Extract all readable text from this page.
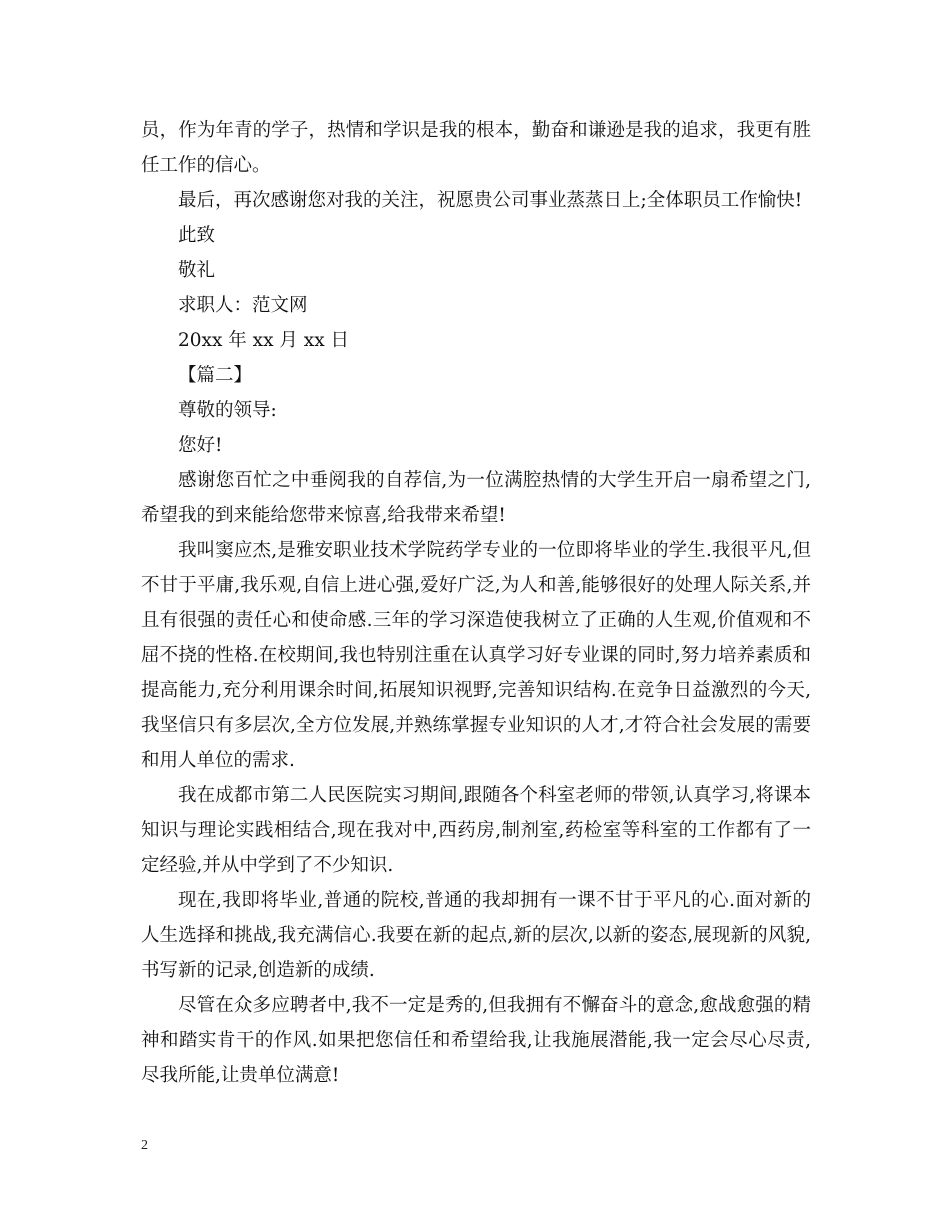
员，作为年青的学子，热情和学识是我的根本，勤奋和谦逊是我的追求，我更有胜任工作的信心。

最后，再次感谢您对我的关注，祝愿贵公司事业蒸蒸日上;全体职员工作愉快!

此致

敬礼

求职人：范文网

20xx 年 xx 月 xx 日

【篇二】

尊敬的领导:

您好!

感谢您百忙之中垂阅我的自荐信,为一位满腔热情的大学生开启一扇希望之门,希望我的到来能给您带来惊喜,给我带来希望!

我叫窦应杰,是雅安职业技术学院药学专业的一位即将毕业的学生.我很平凡,但不甘于平庸,我乐观,自信上进心强,爱好广泛,为人和善,能够很好的处理人际关系,并且有很强的责任心和使命感.三年的学习深造使我树立了正确的人生观,价值观和不屈不挠的性格.在校期间,我也特别注重在认真学习好专业课的同时,努力培养素质和提高能力,充分利用课余时间,拓展知识视野,完善知识结构.在竞争日益激烈的今天,我坚信只有多层次,全方位发展,并熟练掌握专业知识的人才,才符合社会发展的需要和用人单位的需求.

我在成都市第二人民医院实习期间,跟随各个科室老师的带领,认真学习,将课本知识与理论实践相结合,现在我对中,西药房,制剂室,药检室等科室的工作都有了一定经验,并从中学到了不少知识.

现在,我即将毕业,普通的院校,普通的我却拥有一课不甘于平凡的心.面对新的人生选择和挑战,我充满信心.我要在新的起点,新的层次,以新的姿态,展现新的风貌,书写新的记录,创造新的成绩.

尽管在众多应聘者中,我不一定是秀的,但我拥有不懈奋斗的意念,愈战愈强的精神和踏实肯干的作风.如果把您信任和希望给我,让我施展潜能,我一定会尽心尽责,尽我所能,让贵单位满意!

2
